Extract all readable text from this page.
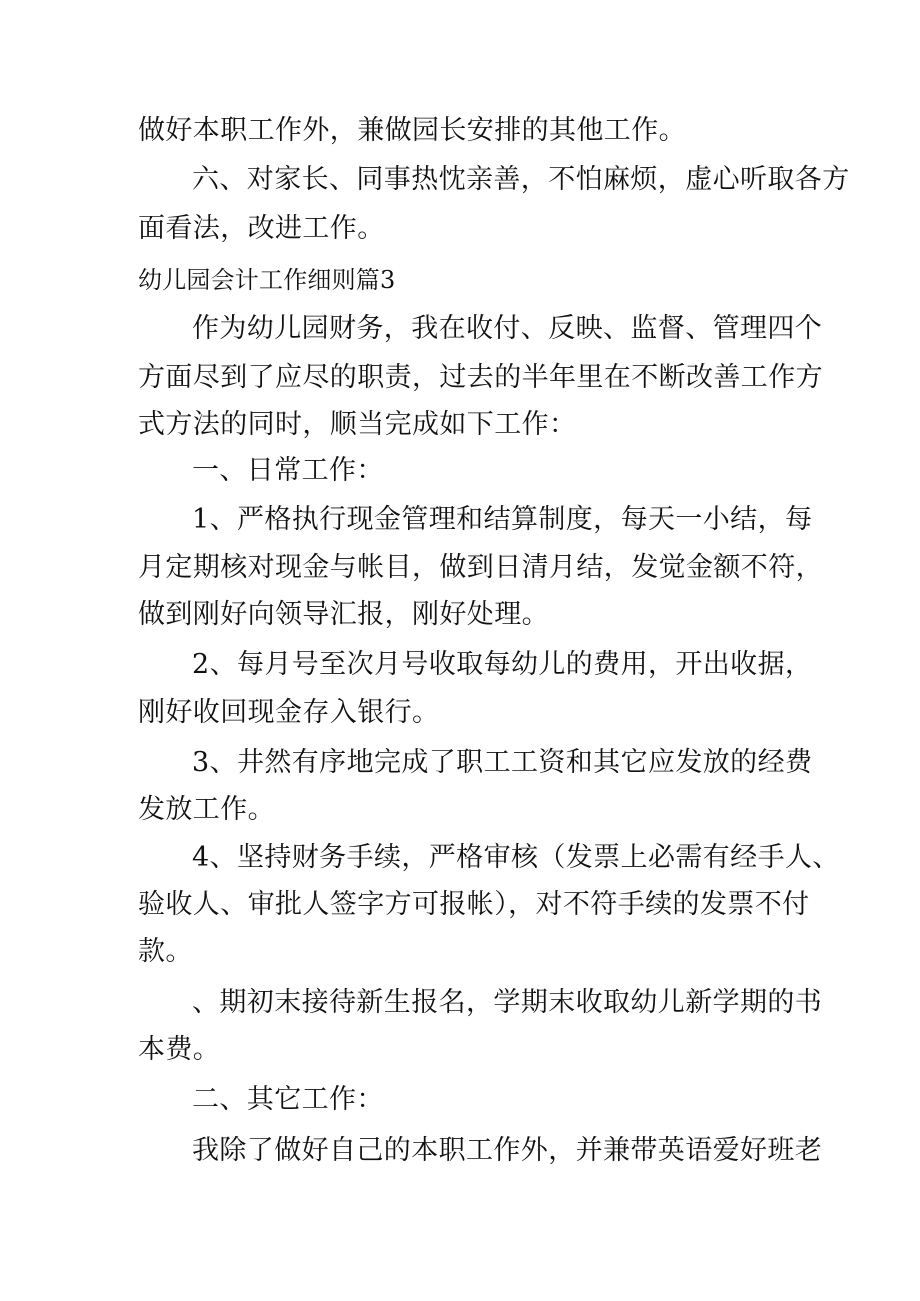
做好本职工作外，兼做园长安排的其他工作。
六、对家长、同事热忱亲善，不怕麻烦，虚心听取各方
面看法，改进工作。
幼儿园会计工作细则篇3
作为幼儿园财务，我在收付、反映、监督、管理四个
方面尽到了应尽的职责，过去的半年里在不断改善工作方
式方法的同时，顺当完成如下工作：
一、日常工作：
1、严格执行现金管理和结算制度，每天一小结，每
月定期核对现金与帐目，做到日清月结，发觉金额不符，
做到刚好向领导汇报，刚好处理。
2、每月号至次月号收取每幼儿的费用，开出收据，
刚好收回现金存入银行。
3、井然有序地完成了职工工资和其它应发放的经费
发放工作。
4、坚持财务手续，严格审核（发票上必需有经手人、
验收人、审批人签字方可报帐），对不符手续的发票不付
款。
、期初末接待新生报名，学期末收取幼儿新学期的书
本费。
二、其它工作：
我除了做好自己的本职工作外，并兼带英语爱好班老
